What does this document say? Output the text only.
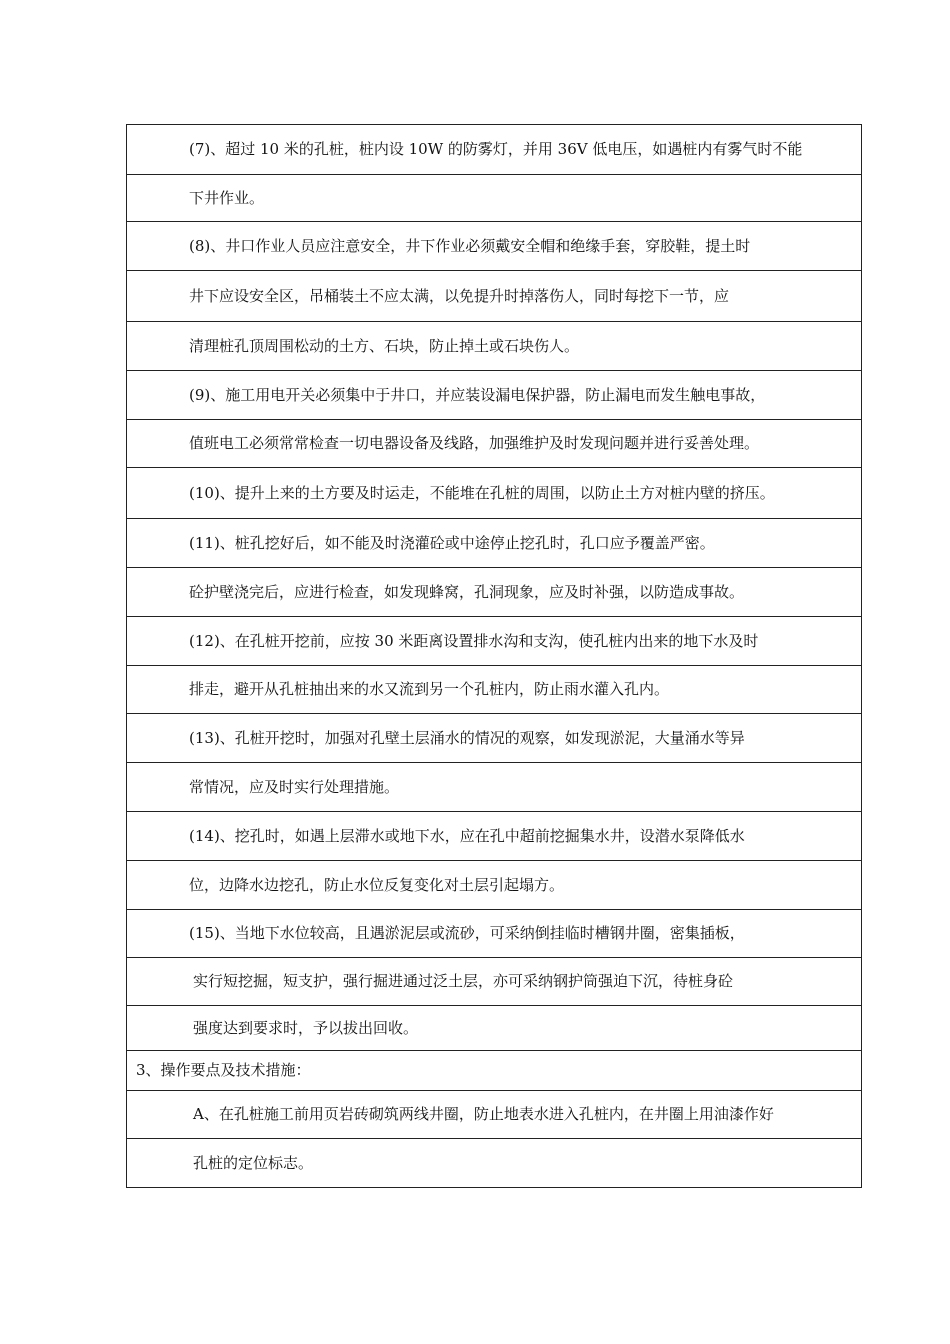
(7)、超过 10 米的孔桩，桩内设 10W 的防雾灯，并用 36V 低电压，如遇桩内有雾气时不能
下井作业。
(8)、井口作业人员应注意安全，井下作业必须戴安全帽和绝缘手套，穿胶鞋，提土时
井下应设安全区，吊桶装土不应太满，以免提升时掉落伤人，同时每挖下一节，应
清理桩孔顶周围松动的土方、石块，防止掉土或石块伤人。
(9)、施工用电开关必须集中于井口，并应装设漏电保护器，防止漏电而发生触电事故，
值班电工必须常常检查一切电器设备及线路，加强维护及时发现问题并进行妥善处理。
(10)、提升上来的土方要及时运走，不能堆在孔桩的周围，以防止土方对桩内壁的挤压。
(11)、桩孔挖好后，如不能及时浇灌砼或中途停止挖孔时，孔口应予覆盖严密。
砼护壁浇完后，应进行检查，如发现蜂窝，孔洞现象，应及时补强，以防造成事故。
(12)、在孔桩开挖前，应按 30 米距离设置排水沟和支沟，使孔桩内出来的地下水及时
排走，避开从孔桩抽出来的水又流到另一个孔桩内，防止雨水灌入孔内。
(13)、孔桩开挖时，加强对孔壁土层涌水的情况的观察，如发现淤泥，大量涌水等异
常情况，应及时实行处理措施。
(14)、挖孔时，如遇上层滞水或地下水，应在孔中超前挖掘集水井，设潜水泵降低水
位，边降水边挖孔，防止水位反复变化对土层引起塌方。
(15)、当地下水位较高，且遇淤泥层或流砂，可采纳倒挂临时槽钢井圈，密集插板，
实行短挖掘，短支护，强行掘进通过泛土层，亦可采纳钢护筒强迫下沉，待桩身砼
强度达到要求时，予以拔出回收。
3、操作要点及技术措施：
A、在孔桩施工前用页岩砖砌筑两线井圈，防止地表水进入孔桩内，在井圈上用油漆作好
孔桩的定位标志。
